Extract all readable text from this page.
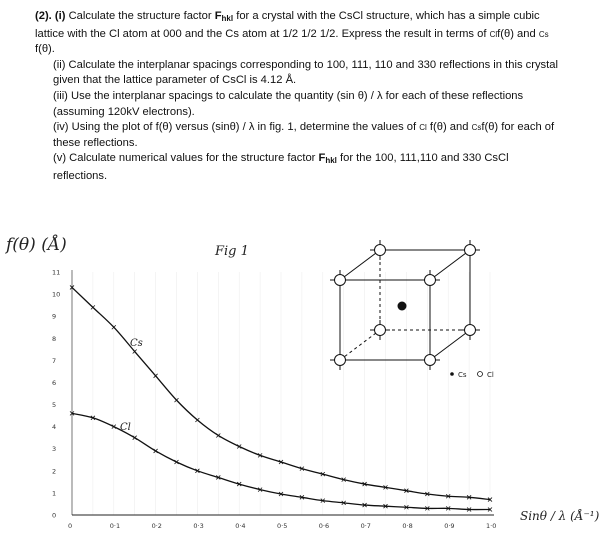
(2). (i) Calculate the structure factor $F_{hkl}$ for a crystal with the CsCl structure, which has a simple cubic lattice with the Cl atom at 000 and the Cs atom at 1/2 1/2 1/2. Express the result in terms of Clf(θ) and Cs f(θ).

(ii) Calculate the interplanar spacings corresponding to 100, 111, 110 and 330 reflections in this crystal given that the lattice parameter of CsCl is 4.12 Å.

(iii) Use the interplanar spacings to calculate the quantity (sin θ) / λ for each of these reflections (assuming 120kV electrons).

(iv) Using the plot of f(θ) versus (sinθ) / λ in fig. 1, determine the values of Cl f(θ) and Csf(θ) for each of these reflections.

(v) Calculate numerical values for the structure factor $F_{hkl}$ for the 100, 111,110 and 330 CsCl reflections.

0	0·1	0·2	0·3	0·4	0·5	0·6	0·7	0·8	0·9	1·0
0
1
2
3
4
5
6
7
8
9
10
11
f(θ) (Å)
Sinθ / λ (Å⁻¹)
Fig 1
Cs
Cl
Cs	Cl
